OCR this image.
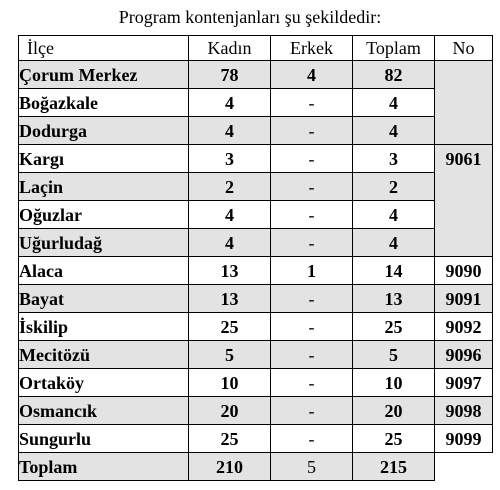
Program kontenjanları şu şekildedir:
İlçe	Kadın	Erkek	Toplam	No
Çorum Merkez	78	4	82	
Boğazkale	4	-	4	
Dodurga	4	-	4	
Kargı	3	-	3	9061
Laçin	2	-	2	
Oğuzlar	4	-	4	
Uğurludağ	4	-	4	
Alaca	13	1	14	9090
Bayat	13	-	13	9091
İskilip	25	-	25	9092
Mecitözü	5	-	5	9096
Ortaköy	10	-	10	9097
Osmancık	20	-	20	9098
Sungurlu	25	-	25	9099
Toplam	210	5	215	
